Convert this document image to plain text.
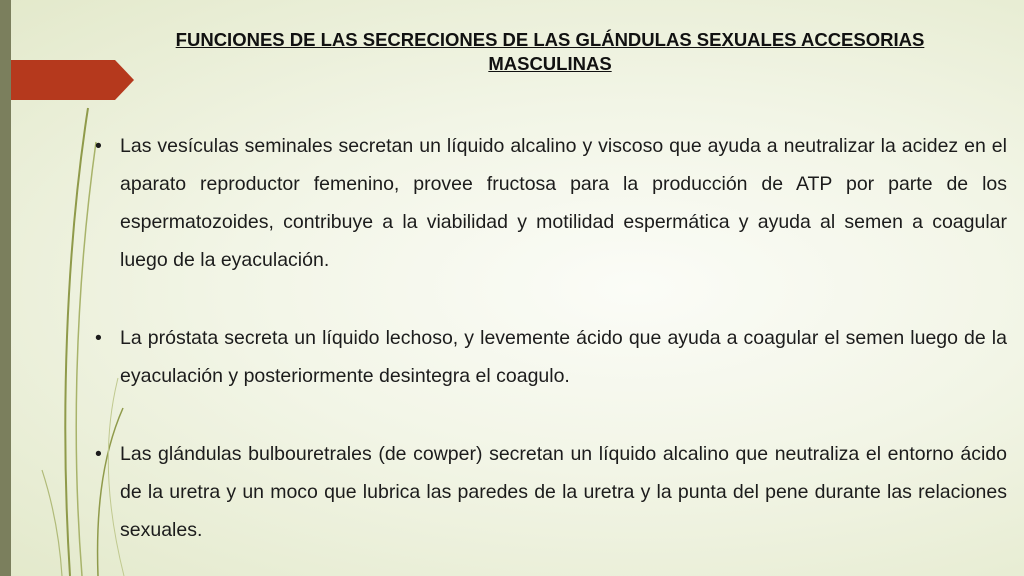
FUNCIONES DE LAS SECRECIONES DE LAS GLÁNDULAS SEXUALES ACCESORIAS MASCULINAS
• Las vesículas seminales secretan un líquido alcalino y viscoso que ayuda a neutralizar la acidez en el aparato reproductor femenino, provee fructosa para la producción de ATP por parte de los espermatozoides, contribuye a la viabilidad y motilidad espermática y ayuda al semen a coagular luego de la eyaculación.
• La próstata secreta un líquido lechoso, y levemente ácido que ayuda a coagular el semen luego de la eyaculación y posteriormente desintegra el coagulo.
• Las glándulas bulbouretrales (de cowper) secretan un líquido alcalino que neutraliza el entorno ácido de la uretra y un moco que lubrica las paredes de la uretra y la punta del pene durante las relaciones sexuales.
